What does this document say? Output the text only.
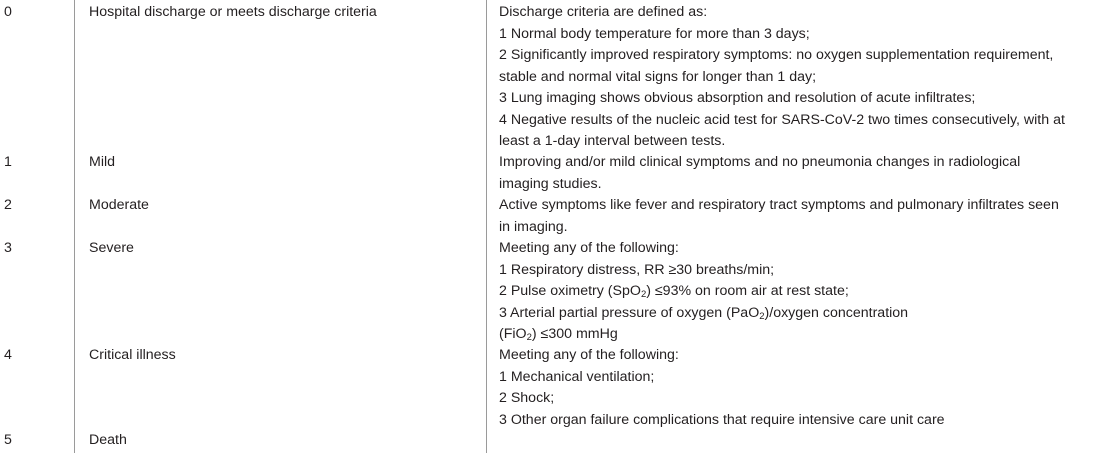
0	Hospital discharge or meets discharge criteria	Discharge criteria are defined as:
1 Normal body temperature for more than 3 days;
2 Significantly improved respiratory symptoms: no oxygen supplementation requirement,
stable and normal vital signs for longer than 1 day;
3 Lung imaging shows obvious absorption and resolution of acute infiltrates;
4 Negative results of the nucleic acid test for SARS-CoV-2 two times consecutively, with at
least a 1-day interval between tests.
1	Mild	Improving and/or mild clinical symptoms and no pneumonia changes in radiological
imaging studies.
2	Moderate	Active symptoms like fever and respiratory tract symptoms and pulmonary infiltrates seen
in imaging.
3	Severe	Meeting any of the following:
1 Respiratory distress, RR ≥30 breaths/min;
2 Pulse oximetry (SpO$_2$) ≤93% on room air at rest state;
3 Arterial partial pressure of oxygen (PaO$_2$)/oxygen concentration
(FiO$_2$) ≤300 mmHg
4	Critical illness	Meeting any of the following:
1 Mechanical ventilation;
2 Shock;
3 Other organ failure complications that require intensive care unit care
5	Death
